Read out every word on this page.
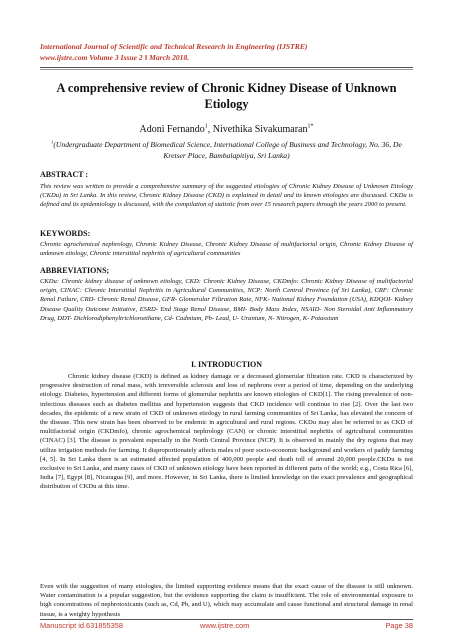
International Journal of Scientific and Technical Research in Engineering (IJSTRE)
www.ijstre.com Volume 3 Issue 2 ǁ March 2018.
A comprehensive review of Chronic Kidney Disease of Unknown Etiology
Adoni Fernando$^1$, Nivethika Sivakumaran$^{1*}$
$^1$(Undergraduate Department of Biomedical Science, International College of Business and Technology, No. 36, De Kretser Place, Bambalapitiya, Sri Lanka)
ABSTRACT :
This review was written to provide a comprehensive summary of the suggested etiologies of Chronic Kidney Disease of Unknown Etiology (CKDu) in Sri Lanka. In this review, Chronic Kidney Disease (CKD) is explained in detail and its known etiologies are discussed. CKDu is defined and its epidemiology is discussed, with the compilation of statistic from over 15 research papers through the years 2000 to present.
KEYWORDS:
Chronic agrochemical nephrology, Chronic Kidney Disease, Chronic Kidney Disease of multifactorial origin, Chronic Kidney Disease of unknown etiology, Chronic interstitial nephritis of agricultural communities
ABBREVIATIONS;
CKDu: Chronic kidney disease of unknown etiology, CKD: Chronic Kidney Disease, CKDmfo: Chronic Kidney Disease of multifactorial origin, CINAC: Chronic Interstitial Nephritis in Agricultural Communities, NCP: North Central Province (of Sri Lanka), CRF: Chronic Renal Failure, CRD- Chronic Renal Disease, GFR- Glomerular Filtration Rate, NFK- National Kidney Foundation (USA), KDQOI- Kidney Disease Quality Outcome Initiative, ESRD- End Stage Renal Disease, BMI- Body Mass Index, NSAID- Non Steroidal Anti Inflammatory Drug, DDT- Dichlorodiphenyltrichloroethane, Cd- Cadmium, Pb- Lead, U- Uranium, N- Nitrogen, K- Potassium
I. INTRODUCTION
Chronic kidney disease (CKD) is defined as kidney damage or a decreased glomerular filtration rate. CKD is characterized by progressive destruction of renal mass, with irreversible sclerosis and loss of nephrons over a period of time, depending on the underlying etiology. Diabetes, hypertension and different forms of glomerular nephritis are known etiologies of CKD[1]. The rising prevalence of non-infectious diseases such as diabetes mellitus and hypertension suggests that CKD incidence will continue to rise [2]. Over the last two decades, the epidemic of a new strain of CKD of unknown etiology in rural farming communities of Sri Lanka, has elevated the concern of the disease. This new strain has been observed to be endemic in agricultural and rural regions. CKDu may also be referred to as CKD of multifactorial origin (CKDmfo), chronic agrochemical nephrology (CAN) or chronic interstitial nephritis of agricultural communities (CINAC) [3]. The disease is prevalent especially in the North Central Province (NCP). It is observed in mainly the dry regions that may utilize irrigation methods for farming. It disproportionately affects males of poor socio-economic background and workers of paddy farming [4, 5]. In Sri Lanka there is an estimated affected population of 400,000 people and death toll of around 20,000 people.CKDu is not exclusive to Sri Lanka, and many cases of CKD of unknown etiology have been reported in different parts of the world; e.g., Costa Rica [6], India [7], Egypt [8], Nicaragua [9], and more. However, in Sri Lanka, there is limited knowledge on the exact prevalence and geographical distribution of CKDu at this time.
Even with the suggestion of many etiologies, the limited supporting evidence means that the exact cause of the disease is still unknown. Water contamination is a popular suggestion, but the evidence supporting the claim is insufficient. The role of environmental exposure to high concentrations of nephrotoxicants (such as, Cd, Pb, and U), which may accumulate and cause functional and structural damage in renal tissue, is a weighty hypothesis
Manuscript id.631855358	www.ijstre.com	Page 38
